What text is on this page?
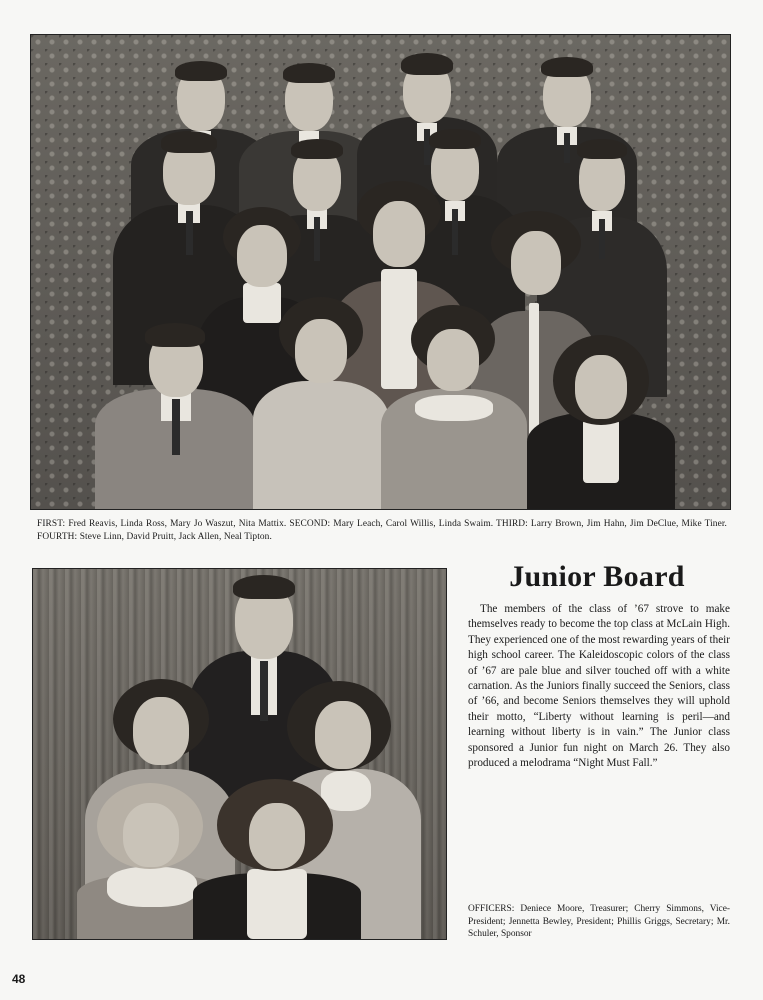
FIRST: Fred Reavis, Linda Ross, Mary Jo Waszut, Nita Mattix. SECOND: Mary Leach, Carol Willis, Linda Swaim. THIRD: Larry Brown, Jim Hahn, Jim DeClue, Mike Tiner. FOURTH: Steve Linn, David Pruitt, Jack Allen, Neal Tipton.
Junior Board
The members of the class of ’67 strove to make themselves ready to become the top class at McLain High. They experienced one of the most rewarding years of their high school career. The Kaleidoscopic colors of the class of ’67 are pale blue and silver touched off with a white carnation. As the Juniors finally succeed the Seniors, class of ’66, and become Seniors themselves they will uphold their motto, “Liberty without learning is peril—and learning without liberty is in vain.” The Junior class sponsored a Junior fun night on March 26. They also produced a melodrama “Night Must Fall.”
OFFICERS: Deniece Moore, Treasurer; Cherry Simmons, Vice-President; Jennetta Bewley, President; Phillis Griggs, Secretary; Mr. Schuler, Sponsor
48
